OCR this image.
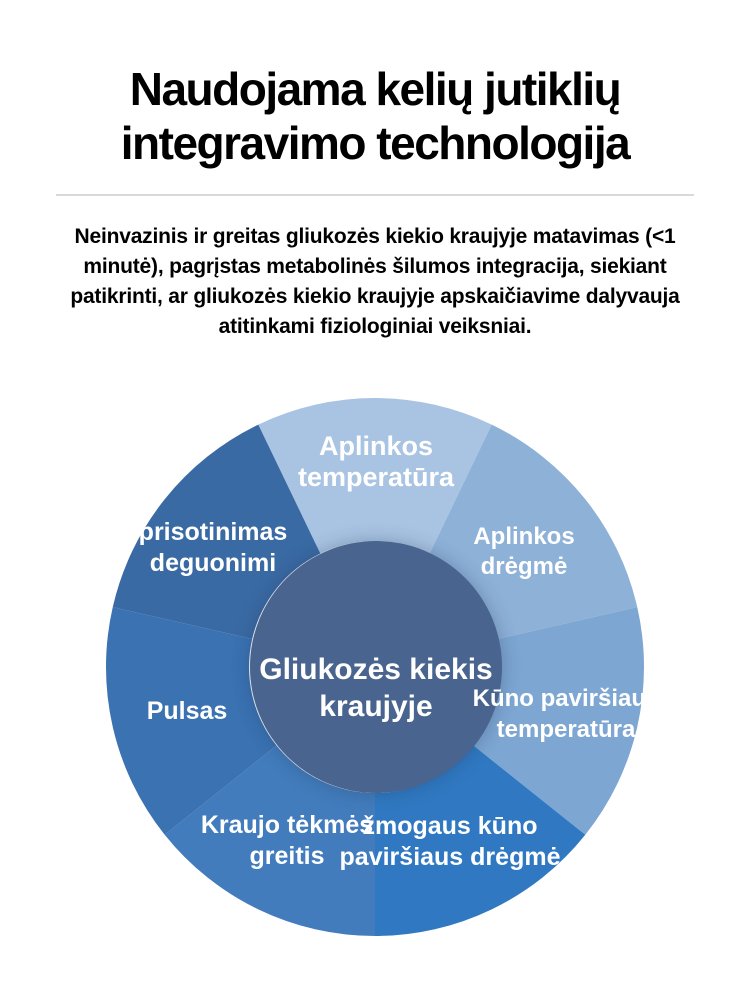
Naudojama kelių jutiklių
integravimo technologija
Neinvazinis ir greitas gliukozės kiekio kraujyje matavimas (<1
minutė), pagrįstas metabolinės šilumos integracija, siekiant
patikrinti, ar gliukozės kiekio kraujyje apskaičiavime dalyvauja
atitinkami fiziologiniai veiksniai.
Gliukozės kiekis kraujyje
Aplinkos temperatūra
Aplinkos drėgmė
Kūno paviršiaus temperatūra
žmogaus kūno paviršiaus drėgmė
Kraujo tėkmės greitis
Pulsas
prisotinimas deguonimi
